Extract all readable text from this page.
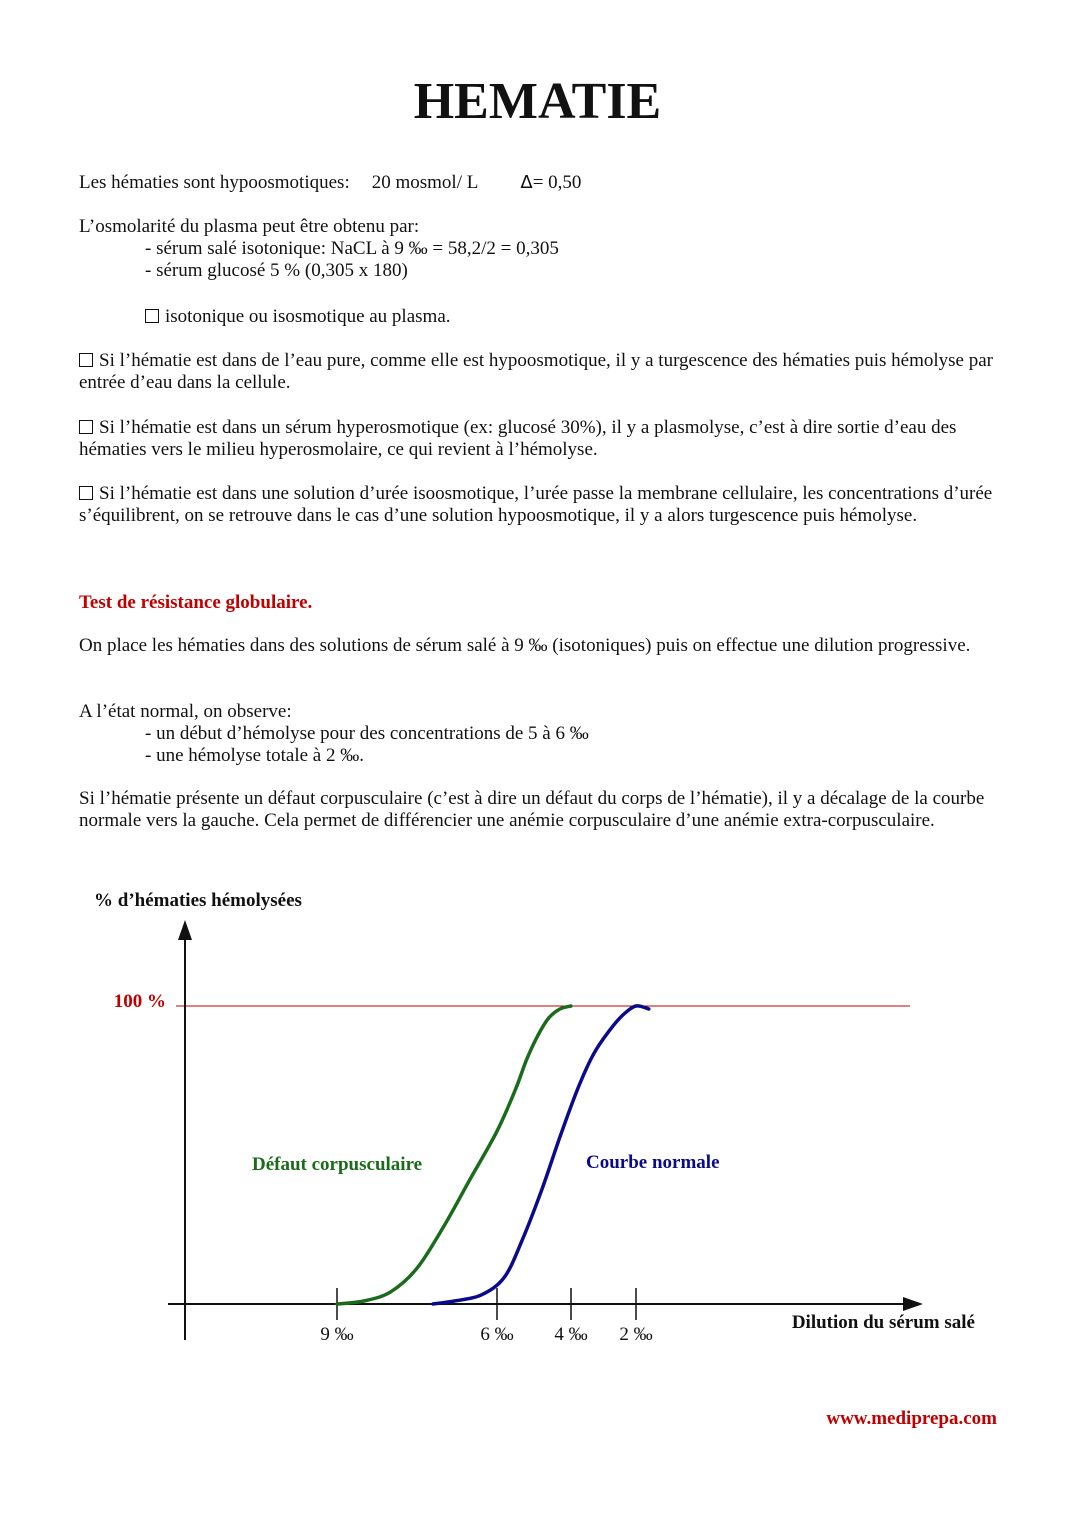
HEMATIE
Les hématies sont hypoosmotiques: 20 mosmol/ L Δ= 0,50
L’osmolarité du plasma peut être obtenu par:
- sérum salé isotonique: NaCL à 9 ‰ = 58,2/2 = 0,305
- sérum glucosé 5 % (0,305 x 180)
isotonique ou isosmotique au plasma.
Si l’hématie est dans de l’eau pure, comme elle est hypoosmotique, il y a turgescence des hématies puis hémolyse par entrée d’eau dans la cellule.
Si l’hématie est dans un sérum hyperosmotique (ex: glucosé 30%), il y a plasmolyse, c’est à dire sortie d’eau des hématies vers le milieu hyperosmolaire, ce qui revient à l’hémolyse.
Si l’hématie est dans une solution d’urée isoosmotique, l’urée passe la membrane cellulaire, les concentrations d’urée s’équilibrent, on se retrouve dans le cas d’une solution hypoosmotique, il y a alors turgescence puis hémolyse.
Test de résistance globulaire.
On place les hématies dans des solutions de sérum salé à 9 ‰ (isotoniques) puis on effectue une dilution progressive.
A l’état normal, on observe:
- un début d’hémolyse pour des concentrations de 5 à 6 ‰
- une hémolyse totale à 2 ‰.
Si l’hématie présente un défaut corpusculaire (c’est à dire un défaut du corps de l’hématie), il y a décalage de la courbe normale vers la gauche. Cela permet de différencier une anémie corpusculaire d’une anémie extra-corpusculaire.
% d’hématies hémolysées
Dilution du sérum salé
100 %
9 ‰	6 ‰ 4 ‰ 2 ‰
Défaut corpusculaire	Courbe normale
www.mediprepa.com
